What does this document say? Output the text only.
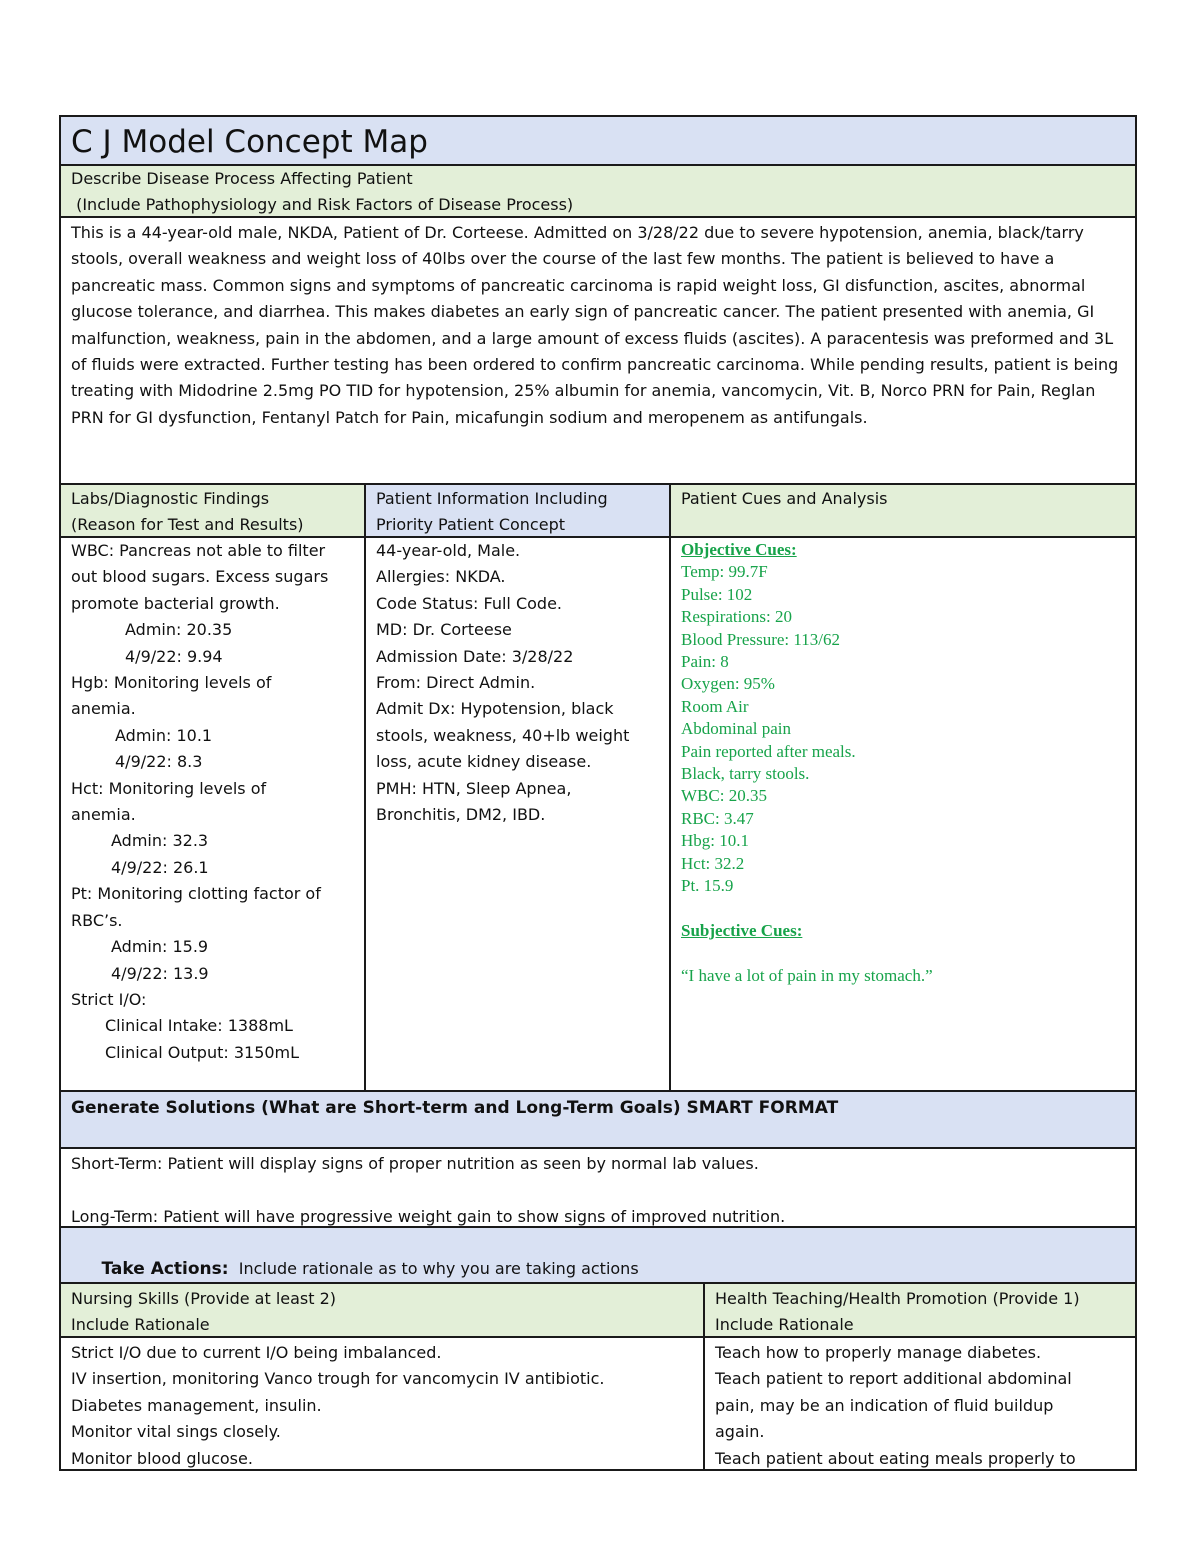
C J Model Concept Map
Describe Disease Process Affecting Patient
(Include Pathophysiology and Risk Factors of Disease Process)
This is a 44-year-old male, NKDA, Patient of Dr. Corteese. Admitted on 3/28/22 due to severe hypotension, anemia, black/tarry stools, overall weakness and weight loss of 40lbs over the course of the last few months. The patient is believed to have a pancreatic mass. Common signs and symptoms of pancreatic carcinoma is rapid weight loss, GI disfunction, ascites, abnormal glucose tolerance, and diarrhea. This makes diabetes an early sign of pancreatic cancer. The patient presented with anemia, GI malfunction, weakness, pain in the abdomen, and a large amount of excess fluids (ascites). A paracentesis was preformed and 3L of fluids were extracted. Further testing has been ordered to confirm pancreatic carcinoma. While pending results, patient is being treating with Midodrine 2.5mg PO TID for hypotension, 25% albumin for anemia, vancomycin, Vit. B, Norco PRN for Pain, Reglan PRN for GI dysfunction, Fentanyl Patch for Pain, micafungin sodium and meropenem as antifungals.
Labs/Diagnostic Findings
(Reason for Test and Results)
Patient Information Including
Priority Patient Concept
Patient Cues and Analysis
WBC: Pancreas not able to filter
out blood sugars. Excess sugars
promote bacterial growth.
Admin: 20.35
4/9/22: 9.94
Hgb: Monitoring levels of
anemia.
Admin: 10.1
4/9/22: 8.3
Hct: Monitoring levels of
anemia.
Admin: 32.3
4/9/22: 26.1
Pt: Monitoring clotting factor of
RBC’s.
Admin: 15.9
4/9/22: 13.9
Strict I/O:
Clinical Intake: 1388mL
Clinical Output: 3150mL
44-year-old, Male.
Allergies: NKDA.
Code Status: Full Code.
MD: Dr. Corteese
Admission Date: 3/28/22
From: Direct Admin.
Admit Dx: Hypotension, black
stools, weakness, 40+lb weight
loss, acute kidney disease.
PMH: HTN, Sleep Apnea,
Bronchitis, DM2, IBD.
Objective Cues:
Temp: 99.7F
Pulse: 102
Respirations: 20
Blood Pressure: 113/62
Pain: 8
Oxygen: 95%
Room Air
Abdominal pain
Pain reported after meals.
Black, tarry stools.
WBC: 20.35
RBC: 3.47
Hbg: 10.1
Hct: 32.2
Pt. 15.9
Subjective Cues:
“I have a lot of pain in my stomach.”
Generate Solutions (What are Short-term and Long-Term Goals) SMART FORMAT
Short-Term: Patient will display signs of proper nutrition as seen by normal lab values.
Long-Term: Patient will have progressive weight gain to show signs of improved nutrition.

Take Actions:  Include rationale as to why you are taking actions

Nursing Skills (Provide at least 2)
Include Rationale
Health Teaching/Health Promotion (Provide 1)
Include Rationale
Strict I/O due to current I/O being imbalanced.
IV insertion, monitoring Vanco trough for vancomycin IV antibiotic.
Diabetes management, insulin.
Monitor vital sings closely.
Monitor blood glucose.
Teach how to properly manage diabetes.
Teach patient to report additional abdominal
pain, may be an indication of fluid buildup
again.
Teach patient about eating meals properly to
